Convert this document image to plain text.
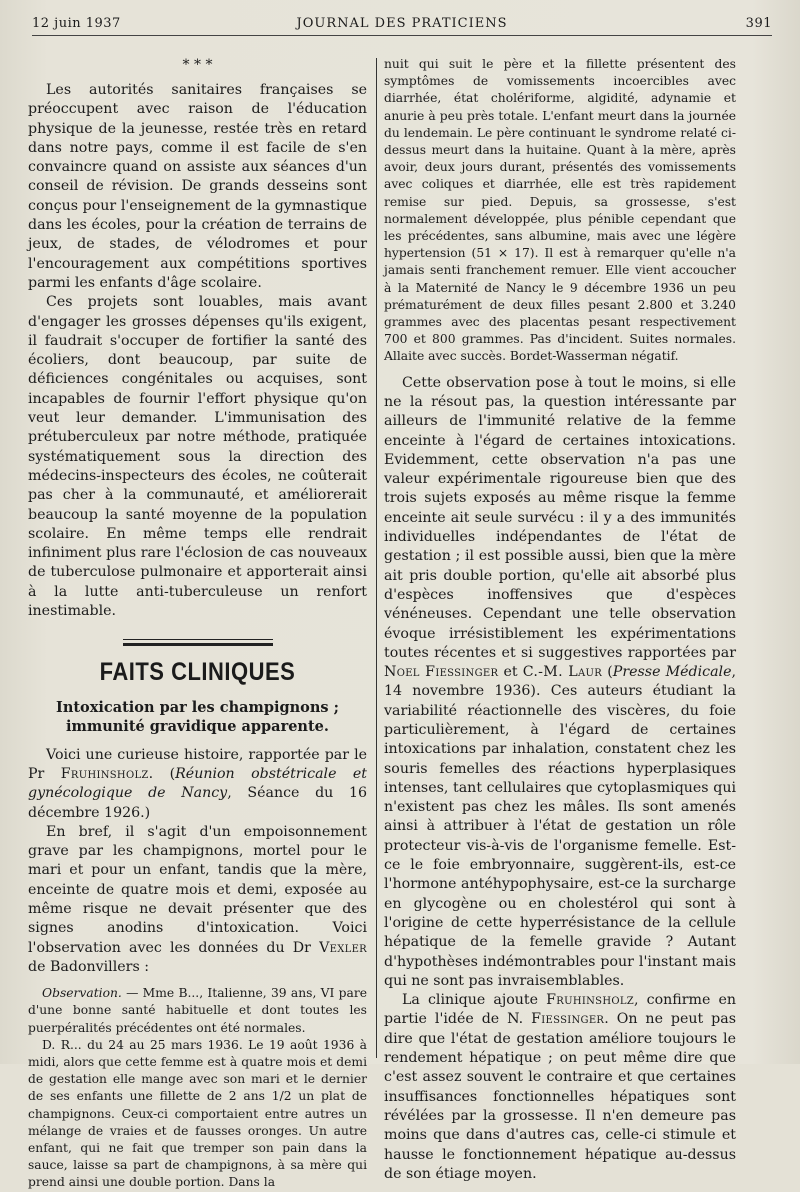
12 juin 1937	JOURNAL DES PRATICIENS	391
* * *

Les autorités sanitaires françaises se préoccupent avec raison de l'éducation physique de la jeunesse, restée très en retard dans notre pays, comme il est facile de s'en convaincre quand on assiste aux séances d'un conseil de révision. De grands desseins sont conçus pour l'enseignement de la gymnastique dans les écoles, pour la création de terrains de jeux, de stades, de vélodromes et pour l'encouragement aux compétitions sportives parmi les enfants d'âge scolaire.

Ces projets sont louables, mais avant d'engager les grosses dépenses qu'ils exigent, il faudrait s'occuper de fortifier la santé des écoliers, dont beaucoup, par suite de déficiences congénitales ou acquises, sont incapables de fournir l'effort physique qu'on veut leur demander. L'immunisation des prétuberculeux par notre méthode, pratiquée systématiquement sous la direction des médecins-inspecteurs des écoles, ne coûterait pas cher à la communauté, et améliorerait beaucoup la santé moyenne de la population scolaire. En même temps elle rendrait infiniment plus rare l'éclosion de cas nouveaux de tuberculose pulmonaire et apporterait ainsi à la lutte anti-tuberculeuse un renfort inestimable.

FAITS CLINIQUES
Intoxication par les champignons ;
immunité gravidique apparente.

Voici une curieuse histoire, rapportée par le Pr Fruhinsholz. (Réunion obstétricale et gynécologique de Nancy, Séance du 16 décembre 1926.)

En bref, il s'agit d'un empoisonnement grave par les champignons, mortel pour le mari et pour un enfant, tandis que la mère, enceinte de quatre mois et demi, exposée au même risque ne devait présenter que des signes anodins d'intoxication. Voici l'observation avec les données du Dr Vexler de Badonvillers :

Observation. — Mme B..., Italienne, 39 ans, VI pare d'une bonne santé habituelle et dont toutes les puerpéralités précédentes ont été normales.

D. R... du 24 au 25 mars 1936. Le 19 août 1936 à midi, alors que cette femme est à quatre mois et demi de gestation elle mange avec son mari et le dernier de ses enfants une fillette de 2 ans 1/2 un plat de champignons. Ceux-ci comportaient entre autres un mélange de vraies et de fausses oronges. Un autre enfant, qui ne fait que tremper son pain dans la sauce, laisse sa part de champignons, à sa mère qui prend ainsi une double portion. Dans la

nuit qui suit le père et la fillette présentent des symptômes de vomissements incoercibles avec diarrhée, état cholériforme, algidité, adynamie et anurie à peu près totale. L'enfant meurt dans la journée du lendemain. Le père continuant le syndrome relaté ci-dessus meurt dans la huitaine. Quant à la mère, après avoir, deux jours durant, présentés des vomissements avec coliques et diarrhée, elle est très rapidement remise sur pied. Depuis, sa grossesse, s'est normalement développée, plus pénible cependant que les précédentes, sans albumine, mais avec une légère hypertension (51 × 17). Il est à remarquer qu'elle n'a jamais senti franchement remuer. Elle vient accoucher à la Maternité de Nancy le 9 décembre 1936 un peu prématurément de deux filles pesant 2.800 et 3.240 grammes avec des placentas pesant respectivement 700 et 800 grammes. Pas d'incident. Suites normales. Allaite avec succès. Bordet-Wasserman négatif.

Cette observation pose à tout le moins, si elle ne la résout pas, la question intéressante par ailleurs de l'immunité relative de la femme enceinte à l'égard de certaines intoxications. Evidemment, cette observation n'a pas une valeur expérimentale rigoureuse bien que des trois sujets exposés au même risque la femme enceinte ait seule survécu : il y a des immunités individuelles indépendantes de l'état de gestation ; il est possible aussi, bien que la mère ait pris double portion, qu'elle ait absorbé plus d'espèces inoffensives que d'espèces vénéneuses. Cependant une telle observation évoque irrésistiblement les expérimentations toutes récentes et si suggestives rapportées par Noel Fiessinger et C.-M. Laur (Presse Médicale, 14 novembre 1936). Ces auteurs étudiant la variabilité réactionnelle des viscères, du foie particulièrement, à l'égard de certaines intoxications par inhalation, constatent chez les souris femelles des réactions hyperplasiques intenses, tant cellulaires que cytoplasmiques qui n'existent pas chez les mâles. Ils sont amenés ainsi à attribuer à l'état de gestation un rôle protecteur vis-à-vis de l'organisme femelle. Est-ce le foie embryonnaire, suggèrent-ils, est-ce l'hormone antéhypophysaire, est-ce la surcharge en glycogène ou en cholestérol qui sont à l'origine de cette hyperrésistance de la cellule hépatique de la femelle gravide ? Autant d'hypothèses indémontrables pour l'instant mais qui ne sont pas invraisemblables.

La clinique ajoute Fruhinsholz, confirme en partie l'idée de N. Fiessinger. On ne peut pas dire que l'état de gestation améliore toujours le rendement hépatique ; on peut même dire que c'est assez souvent le contraire et que certaines insuffisances fonctionnelles hépatiques sont révélées par la grossesse. Il n'en demeure pas moins que dans d'autres cas, celle-ci stimule et hausse le fonctionnement hépatique au-dessus de son étiage moyen.
